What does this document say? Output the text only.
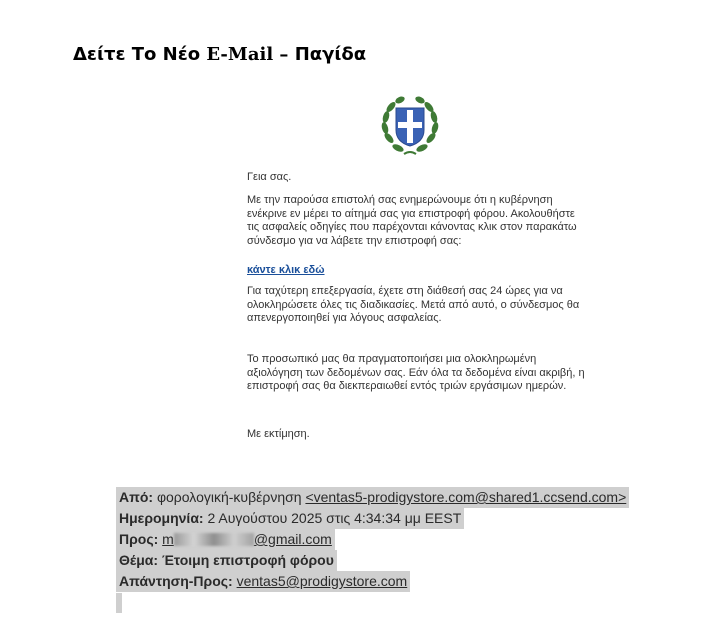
Δείτε Το Νέο E-Mail – Παγίδα
Γεια σας.
Με την παρούσα επιστολή σας ενημερώνουμε ότι η κυβέρνηση ενέκρινε εν μέρει το αίτημά σας για επιστροφή φόρου. Ακολουθήστε τις ασφαλείς οδηγίες που παρέχονται κάνοντας κλικ στον παρακάτω σύνδεσμο για να λάβετε την επιστροφή σας:
κάντε κλικ εδώ
Για ταχύτερη επεξεργασία, έχετε στη διάθεσή σας 24 ώρες για να ολοκληρώσετε όλες τις διαδικασίες. Μετά από αυτό, ο σύνδεσμος θα απενεργοποιηθεί για λόγους ασφαλείας.
Το προσωπικό μας θα πραγματοποιήσει μια ολοκληρωμένη αξιολόγηση των δεδομένων σας. Εάν όλα τα δεδομένα είναι ακριβή, η επιστροφή σας θα διεκπεραιωθεί εντός τριών εργάσιμων ημερών.
Με εκτίμηση.
Από: φορολογική-κυβέρνηση <ventas5-prodigystore.com@shared1.ccsend.com>
Ημερομηνία: 2 Αυγούστου 2025 στις 4:34:34 μμ EEST
Προς: m	@gmail.com
Θέμα: Έτοιμη επιστροφή φόρου
Απάντηση-Προς: ventas5@prodigystore.com
